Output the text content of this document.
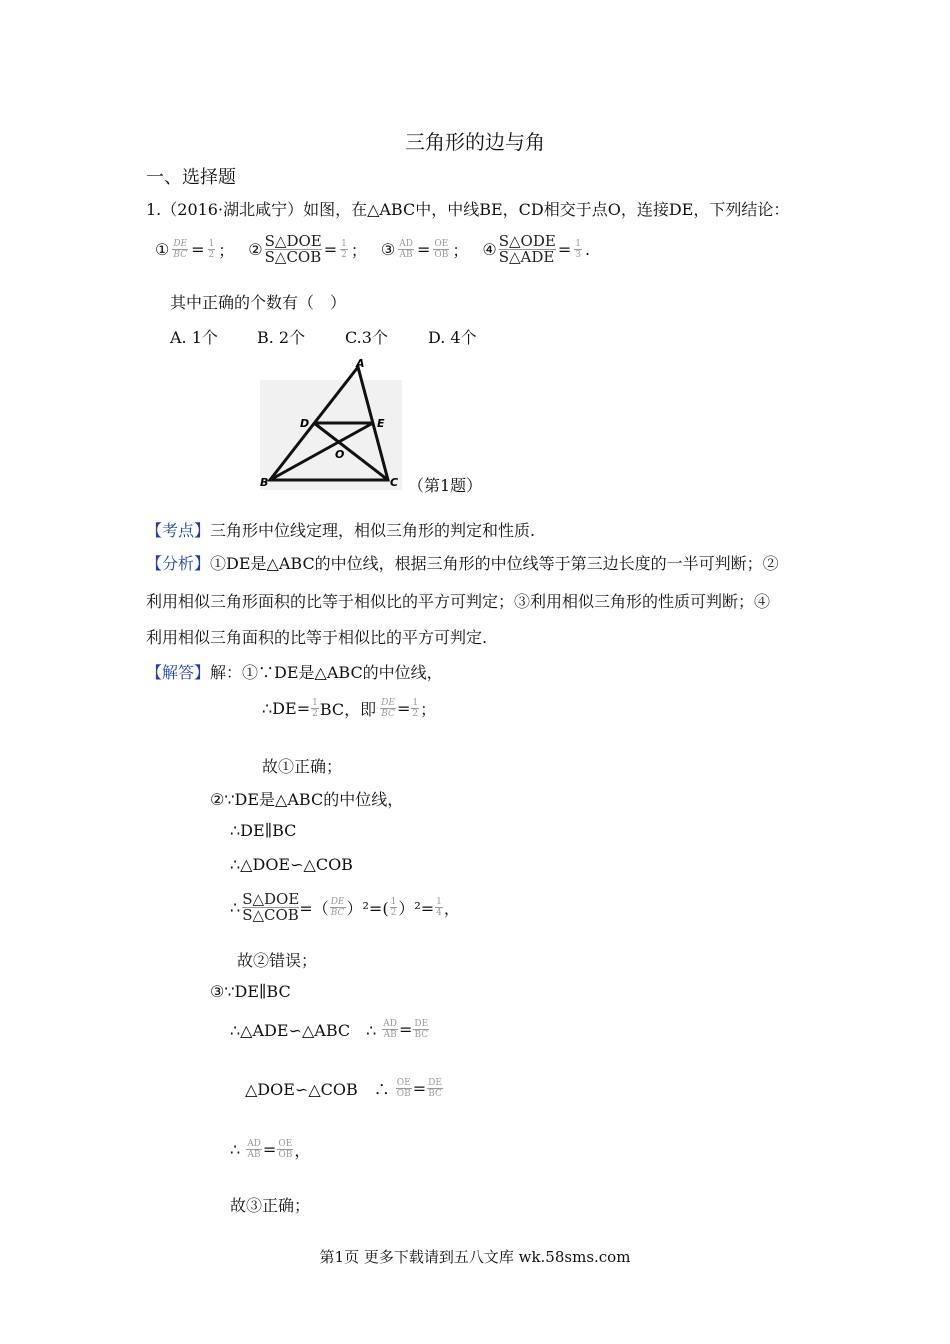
三角形的边与角
一、选择题
1.（2016·湖北咸宁）如图，在△ABC中，中线BE，CD相交于点O，连接DE，下列结论：
① $\frac{DE}{BC} = \frac{1}{2}$ ； ② S△DOE
S△COB = $\frac{1}{2}$ ； ③ $\frac{AD}{AB} = \frac{OE}{OB}$ ； ④ S△ODE
S△ADE = $\frac{1}{3}$ .
其中正确的个数有（　）
A. 1个 B. 2个 C.3个	D. 4个
A
D	E
O
B	C （第1题）
【考点】三角形中位线定理，相似三角形的判定和性质.
【分析】①DE是△ABC的中位线，根据三角形的中位线等于第三边长度的一半可判断；②
利用相似三角形面积的比等于相似比的平方可判定；③利用相似三角形的性质可判断；④
利用相似三角面积的比等于相似比的平方可判定.
【解答】解：①∵DE是△ABC的中位线，
∴DE= $\frac{1}{2}$ BC，即 $\frac{DE}{BC} = \frac{1}{2}$ ；
故①正确；
②∵DE是△ABC的中位线，
∴DE∥BC
∴△DOE∽△COB
∴ S△DOE
S△COB =（ $\frac{DE}{BC} )^2=( \frac{1}{2} )^2= \frac{1}{4}$ ，
故②错误；
③∵DE∥BC
∴△ADE∽△ABC　∴ $\frac{AD}{AB} = \frac{DE}{BC}$
△DOE∽△COB　∴ $\frac{OE}{OB} = \frac{DE}{BC}$
∴ $\frac{AD}{AB} = \frac{OE}{OB}$ ，
故③正确；
第1页 更多下载请到五八文库 wk.58sms.com
